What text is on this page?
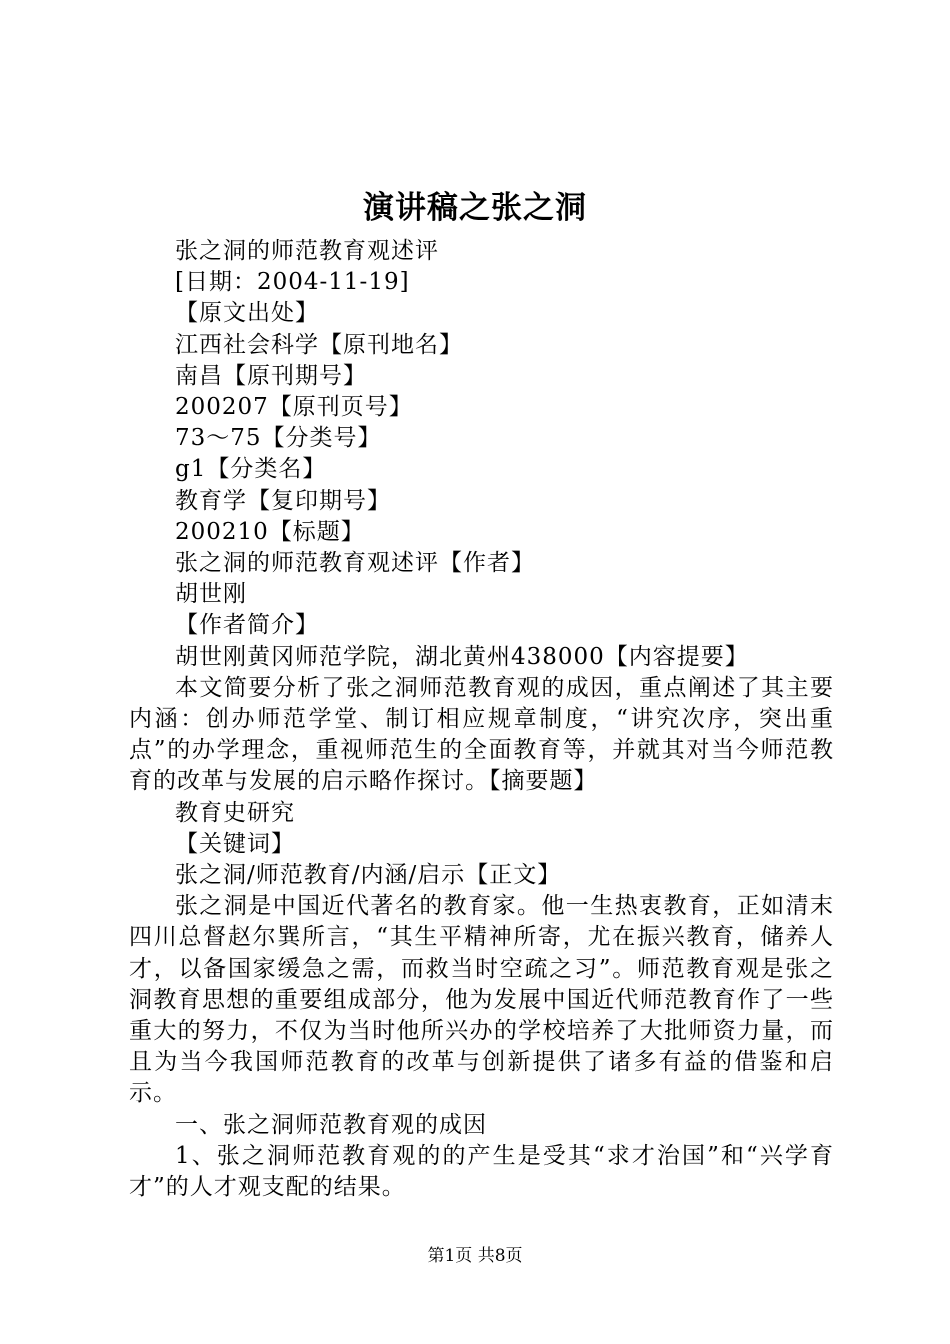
演讲稿之张之洞

张之洞的师范教育观述评

[日期：2004-11-19]

【原文出处】

江西社会科学【原刊地名】

南昌【原刊期号】

200207【原刊页号】

73～75【分类号】

g1【分类名】

教育学【复印期号】

200210【标题】

张之洞的师范教育观述评【作者】

胡世刚

【作者简介】

胡世刚黄冈师范学院，湖北黄州438000【内容提要】

本文简要分析了张之洞师范教育观的成因，重点阐述了其主要内涵：创办师范学堂、制订相应规章制度，“讲究次序，突出重点”的办学理念，重视师范生的全面教育等，并就其对当今师范教育的改革与发展的启示略作探讨。【摘要题】

教育史研究

【关键词】

张之洞/师范教育/内涵/启示【正文】

张之洞是中国近代著名的教育家。他一生热衷教育，正如清末四川总督赵尔巽所言，“其生平精神所寄，尤在振兴教育，储养人才，以备国家缓急之需，而救当时空疏之习”。师范教育观是张之洞教育思想的重要组成部分，他为发展中国近代师范教育作了一些重大的努力，不仅为当时他所兴办的学校培养了大批师资力量，而且为当今我国师范教育的改革与创新提供了诸多有益的借鉴和启示。

一、张之洞师范教育观的成因

1、张之洞师范教育观的的产生是受其“求才治国”和“兴学育才”的人才观支配的结果。

第1页 共8页
